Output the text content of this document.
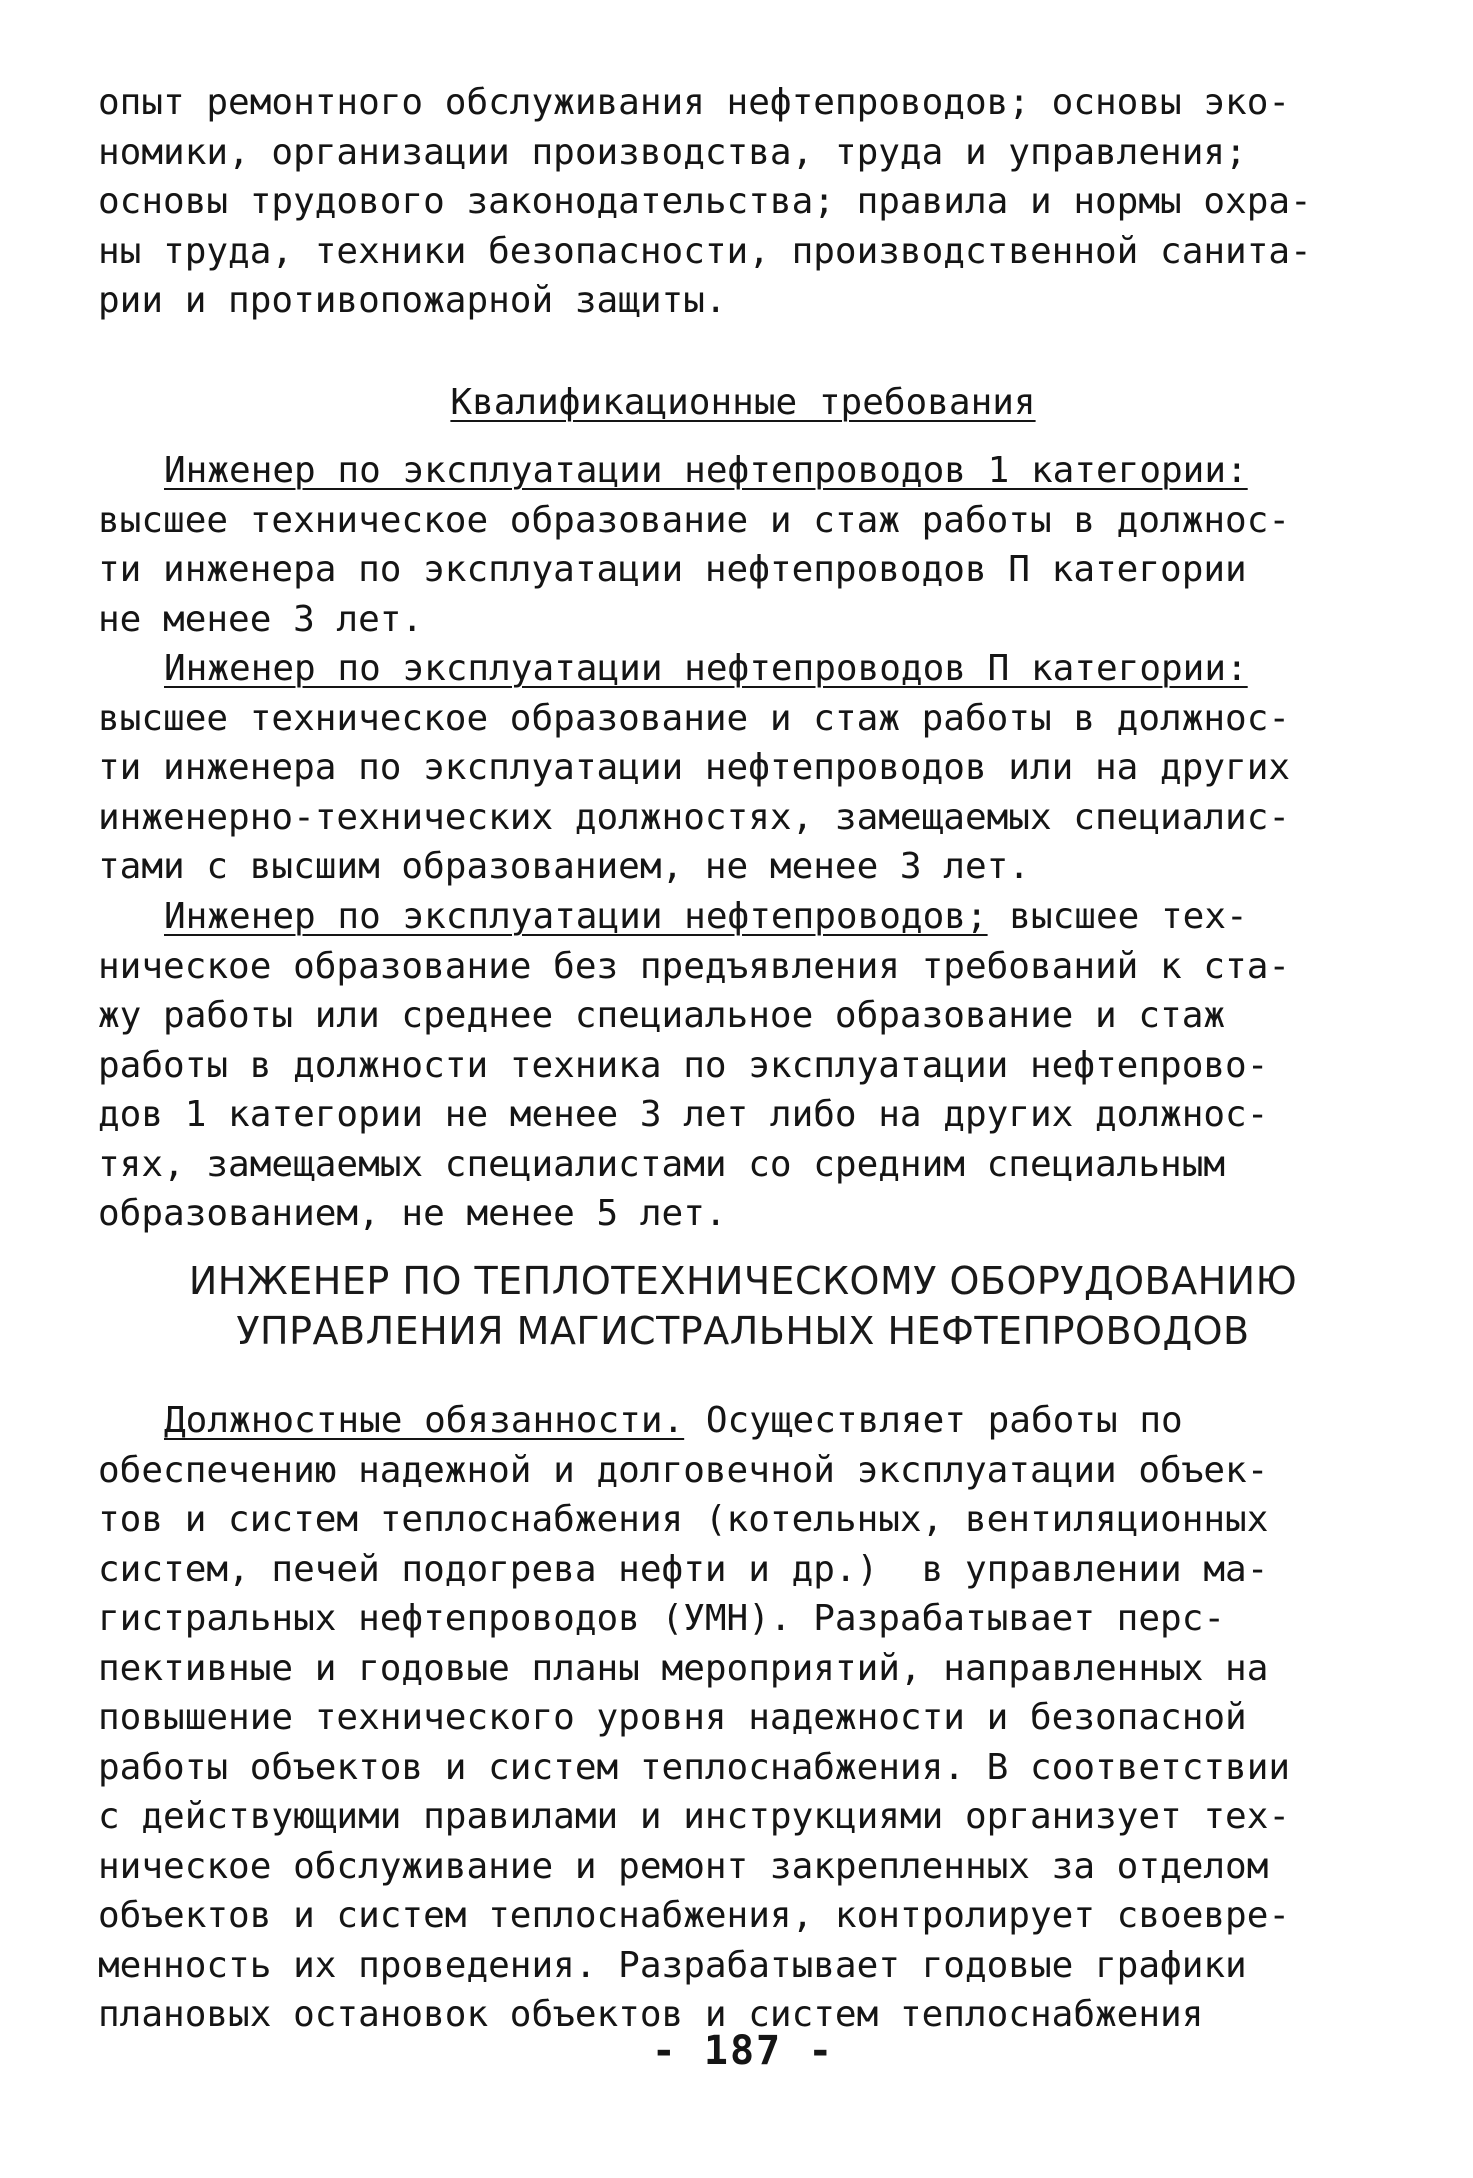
опыт ремонтного обслуживания нефтепроводов; основы эко-
номики, организации производства, труда и управления;
основы трудового законодательства; правила и нормы охра-
ны труда, техники безопасности, производственной санита-
рии и противопожарной защиты.
Квалификационные требования
Инженер по эксплуатации нефтепроводов 1 категории:
высшее техническое образование и стаж работы в должнос-
ти инженера по эксплуатации нефтепроводов П категории
не менее 3 лет.
Инженер по эксплуатации нефтепроводов П категории:
высшее техническое образование и стаж работы в должнос-
ти инженера по эксплуатации нефтепроводов или на других
инженерно-технических должностях, замещаемых специалис-
тами с высшим образованием, не менее 3 лет.
Инженер по эксплуатации нефтепроводов; высшее тех-
ническое образование без предъявления требований к ста-
жу работы или среднее специальное образование и стаж
работы в должности техника по эксплуатации нефтепрово-
дов 1 категории не менее 3 лет либо на других должнос-
тях, замещаемых специалистами со средним специальным
образованием, не менее 5 лет.
ИНЖЕНЕР ПО ТЕПЛОТЕХНИЧЕСКОМУ ОБОРУДОВАНИЮ
УПРАВЛЕНИЯ МАГИСТРАЛЬНЫХ НЕФТЕПРОВОДОВ
Должностные обязанности. Осуществляет работы по
обеспечению надежной и долговечной эксплуатации объек-
тов и систем теплоснабжения (котельных, вентиляционных
систем, печей подогрева нефти и др.)  в управлении ма-
гистральных нефтепроводов (УМН). Разрабатывает перс-
пективные и годовые планы мероприятий, направленных на
повышение технического уровня надежности и безопасной
работы объектов и систем теплоснабжения. В соответствии
с действующими правилами и инструкциями организует тех-
ническое обслуживание и ремонт закрепленных за отделом
объектов и систем теплоснабжения, контролирует своевре-
менность их проведения. Разрабатывает годовые графики
плановых остановок объектов и систем теплоснабжения
- 187 -
